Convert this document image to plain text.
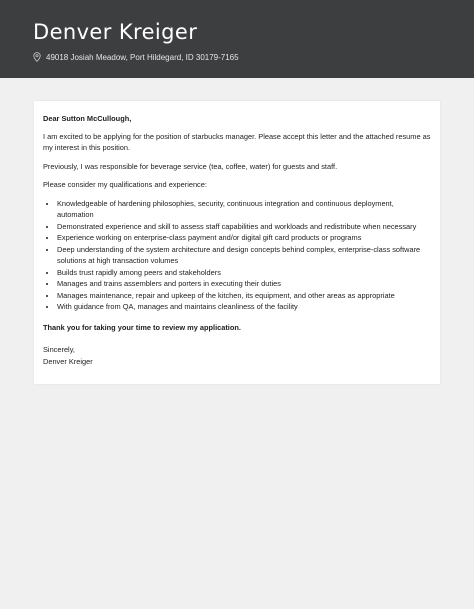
Denver Kreiger
49018 Josiah Meadow, Port Hildegard, ID 30179-7165

Dear Sutton McCullough,

I am excited to be applying for the position of starbucks manager. Please accept this letter and the attached resume as my interest in this position.

Previously, I was responsible for beverage service (tea, coffee, water) for guests and staff.

Please consider my qualifications and experience:

• Knowledgeable of hardening philosophies, security, continuous integration and continuous deployment, automation
• Demonstrated experience and skill to assess staff capabilities and workloads and redistribute when necessary
• Experience working on enterprise-class payment and/or digital gift card products or programs
• Deep understanding of the system architecture and design concepts behind complex, enterprise-class software solutions at high transaction volumes
• Builds trust rapidly among peers and stakeholders
• Manages and trains assemblers and porters in executing their duties
• Manages maintenance, repair and upkeep of the kitchen, its equipment, and other areas as appropriate
• With guidance from QA, manages and maintains cleanliness of the facility

Thank you for taking your time to review my application.

Sincerely,

Denver Kreiger
